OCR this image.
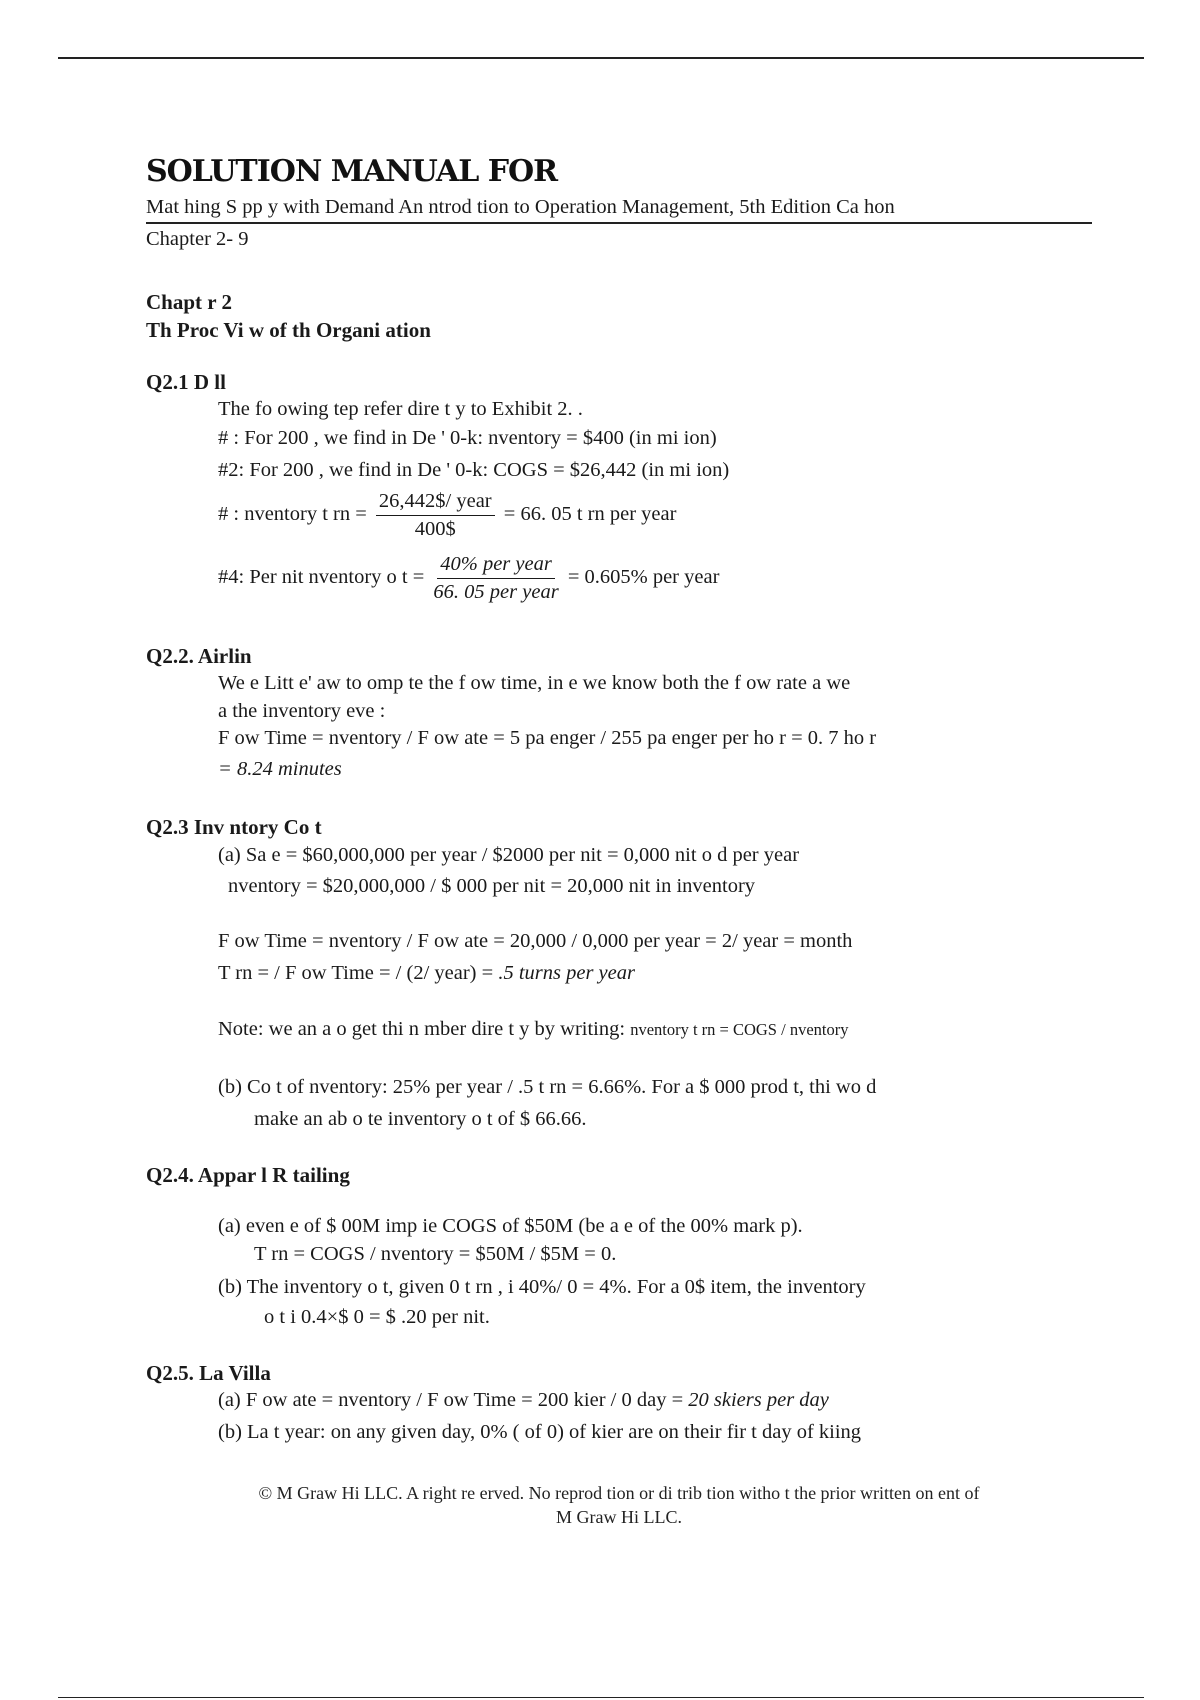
SOLUTION MANUAL FOR
Mat hing S pp y with Demand An ntrod tion to Operation Management, 5th Edition Ca hon
Chapter 2- 9
Chapt r 2
Th Proc Vi w of th Organi ation
Q2.1 D ll
The fo owing tep refer dire t y to Exhibit 2. .
# : For 200 , we find in De ' 0-k: nventory = $400 (in mi ion)
#2: For 200 , we find in De ' 0-k: COGS = $26,442 (in mi ion)
# : nventory t rn = $\frac{\text{26,442\$/ year}}{400\$} = 66$. 05 t rn per year
#4: Per nit nventory o $t = \frac{\text{40\% per year}}{\text{66. 05 per year}} = 0.605\%$ per year
Q2.2. Airlin
We e Litt e' aw to omp te the f ow time, in e we know both the f ow rate a we
a the inventory eve :
F ow Time = nventory / F ow ate = 5 pa enger / 255 pa enger per ho r = 0. 7 ho r
= 8.24 minutes
Q2.3 Inv ntory Co t
(a) Sa e = $60,000,000 per year / $2000 per nit = 0,000 nit o d per year
nventory = $20,000,000 / $ 000 per nit = 20,000 nit in inventory
F ow Time = nventory / F ow ate = 20,000 / 0,000 per year = 2/ year = month
T rn = / F ow Time = / (2/ year) = .5 turns per year
Note: we an a o get thi n mber dire t y by writing: nventory t rn = COGS / nventory
(b) Co t of nventory: 25% per year / .5 t rn = 6.66%. For a $ 000 prod t, thi wo d
make an ab o te inventory o t of $ 66.66.
Q2.4. Appar l R tailing
(a) even e of $ 00M imp ie COGS of $50M (be a e of the 00% mark p).
T rn = COGS / nventory = $50M / $5M = 0.
(b) The inventory o t, given 0 t rn , i 40%/ 0 = 4%. For a 0$ item, the inventory
o t i 0.4×$ 0 = $ .20 per nit.
Q2.5. La Villa
(a) F ow ate = nventory / F ow Time = 200 kier / 0 day = 20 skiers per day
(b) La t year: on any given day, 0% ( of 0) of kier are on their fir t day of kiing
© M Graw Hi LLC. A right re erved. No reprod tion or di trib tion witho t the prior written on ent of
M Graw Hi LLC.
